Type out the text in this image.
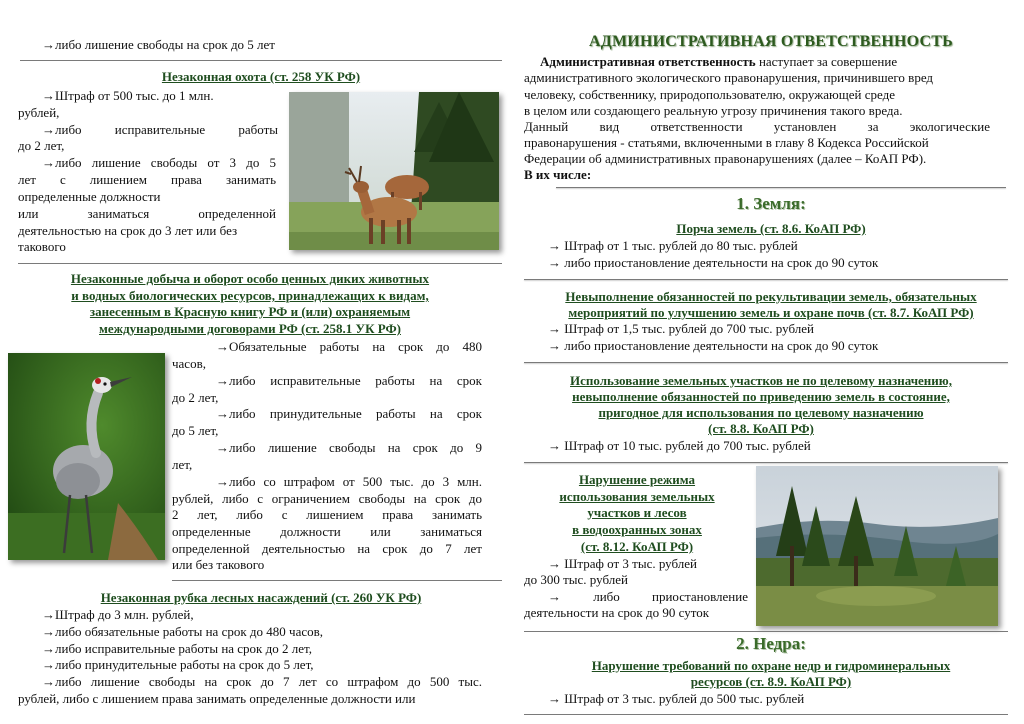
→либо лишение свободы на срок до 5 лет
Незаконная охота (ст. 258 УК РФ)
→Штраф от 500 тыс. до 1 млн.
рублей,
→либо исправительные работы
до 2 лет,
→либо лишение свободы от 3 до 5
лет с лишением права занимать
определенные должности
или заниматься определенной
деятельностью на срок до 3 лет или без
такового
Незаконные добыча и оборот особо ценных диких животных
и водных биологических ресурсов, принадлежащих к видам,
занесенным в Красную книгу РФ и (или) охраняемым
международными договорами РФ (ст. 258.1 УК РФ)
→Обязательные работы на срок до 480
часов,
→либо исправительные работы на срок
до 2 лет,
→либо принудительные работы на срок
до 5 лет,
→либо лишение свободы на срок до 9
лет,
→либо со штрафом от 500 тыс. до 3 млн.
рублей, либо с ограничением свободы на срок до
2 лет, либо с лишением права занимать
определенные должности или заниматься
определенной деятельностью на срок до 7 лет
или без такового
Незаконная рубка лесных насаждений (ст. 260 УК РФ)
→Штраф до 3 млн. рублей,
→либо обязательные работы на срок до 480 часов,
→либо исправительные работы на срок до 2 лет,
→либо принудительные работы на срок до 5 лет,
→либо лишение свободы на срок до 7 лет со штрафом до 500 тыс.
рублей, либо с лишением права занимать определенные должности или
АДМИНИСТРАТИВНАЯ ОТВЕТСТВЕННОСТЬ
Административная ответственность наступает за совершение
административного экологического правонарушения, причинившего вред
человеку, собственнику, природопользователю, окружающей среде
в целом или создающего реальную угрозу причинения такого вреда.
Данный вид ответственности установлен за экологические
правонарушения - статьями, включенными в главу 8 Кодекса Российской
Федерации об административных правонарушениях (далее – КоАП РФ).
В их числе:
1. Земля:
Порча земель (ст. 8.6. КоАП РФ)
→ Штраф от 1 тыс. рублей до 80 тыс. рублей
→ либо приостановление деятельности на срок до 90 суток
Невыполнение обязанностей по рекультивации земель, обязательных
мероприятий по улучшению земель и охране почв (ст. 8.7. КоАП РФ)
→ Штраф от 1,5 тыс. рублей до 700 тыс. рублей
→ либо приостановление деятельности на срок до 90 суток
Использование земельных участков не по целевому назначению,
невыполнение обязанностей по приведению земель в состояние,
пригодное для использования по целевому назначению
(ст. 8.8. КоАП РФ)
→ Штраф от 10 тыс. рублей до 700 тыс. рублей
Нарушение режима
использования земельных
участков и лесов
в водоохранных зонах
(ст. 8.12. КоАП РФ)
→ Штраф от 3 тыс. рублей
до 300 тыс. рублей
→ либо приостановление
деятельности на срок до 90 суток
2. Недра:
Нарушение требований по охране недр и гидроминеральных
ресурсов (ст. 8.9. КоАП РФ)
→ Штраф от 3 тыс. рублей до 500 тыс. рублей
